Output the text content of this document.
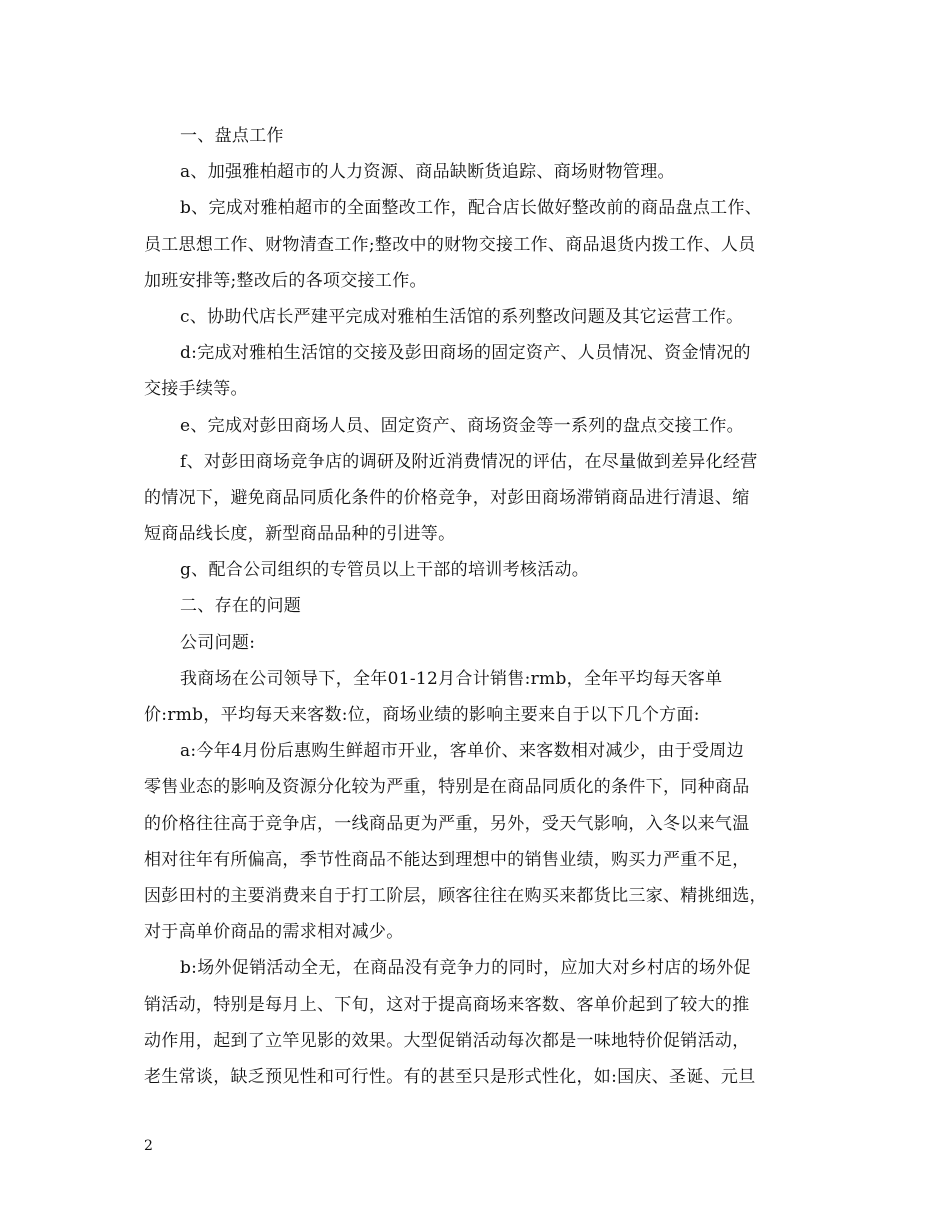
一、盘点工作
a、加强雅柏超市的人力资源、商品缺断货追踪、商场财物管理。
b、完成对雅柏超市的全面整改工作，配合店长做好整改前的商品盘点工作、
员工思想工作、财物清查工作;整改中的财物交接工作、商品退货内拨工作、人员
加班安排等;整改后的各项交接工作。
c、协助代店长严建平完成对雅柏生活馆的系列整改问题及其它运营工作。
d:完成对雅柏生活馆的交接及彭田商场的固定资产、人员情况、资金情况的
交接手续等。
e、完成对彭田商场人员、固定资产、商场资金等一系列的盘点交接工作。
f、对彭田商场竞争店的调研及附近消费情况的评估，在尽量做到差异化经营
的情况下，避免商品同质化条件的价格竞争，对彭田商场滞销商品进行清退、缩
短商品线长度，新型商品品种的引进等。
g、配合公司组织的专管员以上干部的培训考核活动。
二、存在的问题
公司问题:
我商场在公司领导下，全年01-12月合计销售:rmb，全年平均每天客单
价:rmb，平均每天来客数:位，商场业绩的影响主要来自于以下几个方面:
a:今年4月份后惠购生鲜超市开业，客单价、来客数相对减少，由于受周边
零售业态的影响及资源分化较为严重，特别是在商品同质化的条件下，同种商品
的价格往往高于竞争店，一线商品更为严重，另外，受天气影响，入冬以来气温
相对往年有所偏高，季节性商品不能达到理想中的销售业绩，购买力严重不足，
因彭田村的主要消费来自于打工阶层，顾客往往在购买来都货比三家、精挑细选，
对于高单价商品的需求相对减少。
b:场外促销活动全无，在商品没有竞争力的同时，应加大对乡村店的场外促
销活动，特别是每月上、下旬，这对于提高商场来客数、客单价起到了较大的推
动作用，起到了立竿见影的效果。大型促销活动每次都是一味地特价促销活动，
老生常谈，缺乏预见性和可行性。有的甚至只是形式性化，如:国庆、圣诞、元旦
2
